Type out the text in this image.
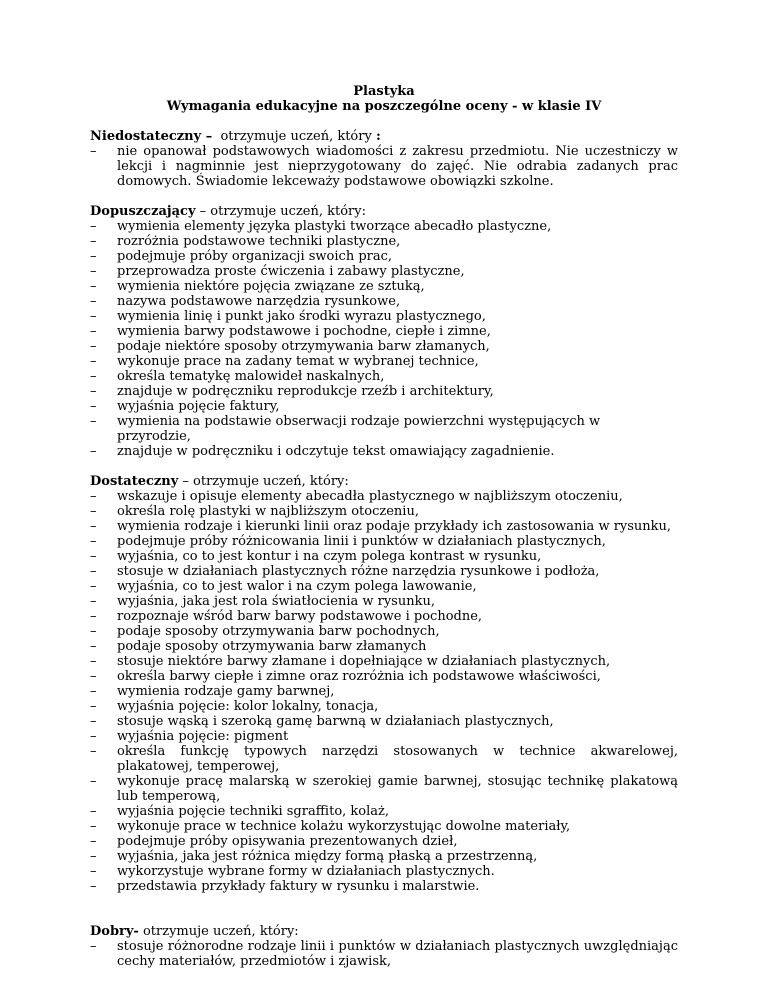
Plastyka

Wymagania edukacyjne na poszczególne oceny - w klasie IV

Niedostateczny –  otrzymuje uczeń, który :

– nie opanował podstawowych wiadomości z zakresu przedmiotu. Nie uczestniczy w lekcji i nagminnie jest nieprzygotowany do zajęć. Nie odrabia zadanych prac domowych. Świadomie lekceważy podstawowe obowiązki szkolne.

Dopuszczający – otrzymuje uczeń, który:

– wymienia elementy języka plastyki tworzące abecadło plastyczne,
– rozróżnia podstawowe techniki plastyczne,
– podejmuje próby organizacji swoich prac,
– przeprowadza proste ćwiczenia i zabawy plastyczne,
– wymienia niektóre pojęcia związane ze sztuką,
– nazywa podstawowe narzędzia rysunkowe,
– wymienia linię i punkt jako środki wyrazu plastycznego,
– wymienia barwy podstawowe i pochodne, ciepłe i zimne,
– podaje niektóre sposoby otrzymywania barw złamanych,
– wykonuje prace na zadany temat w wybranej technice,
– określa tematykę malowideł naskalnych,
– znajduje w podręczniku reprodukcje rzeźb i architektury,
– wyjaśnia pojęcie faktury,
– wymienia na podstawie obserwacji rodzaje powierzchni występujących w przyrodzie,
– znajduje w podręczniku i odczytuje tekst omawiający zagadnienie.

Dostateczny – otrzymuje uczeń, który:

– wskazuje i opisuje elementy abecadła plastycznego w najbliższym otoczeniu,
– określa rolę plastyki w najbliższym otoczeniu,
– wymienia rodzaje i kierunki linii oraz podaje przykłady ich zastosowania w rysunku,
– podejmuje próby różnicowania linii i punktów w działaniach plastycznych,
– wyjaśnia, co to jest kontur i na czym polega kontrast w rysunku,
– stosuje w działaniach plastycznych różne narzędzia rysunkowe i podłoża,
– wyjaśnia, co to jest walor i na czym polega lawowanie,
– wyjaśnia, jaka jest rola światłocienia w rysunku,
– rozpoznaje wśród barw barwy podstawowe i pochodne,
– podaje sposoby otrzymywania barw pochodnych,
– podaje sposoby otrzymywania barw złamanych
– stosuje niektóre barwy złamane i dopełniające w działaniach plastycznych,
– określa barwy ciepłe i zimne oraz rozróżnia ich podstawowe właściwości,
– wymienia rodzaje gamy barwnej,
– wyjaśnia pojęcie: kolor lokalny, tonacja,
– stosuje wąską i szeroką gamę barwną w działaniach plastycznych,
– wyjaśnia pojęcie: pigment
– określa funkcję typowych narzędzi stosowanych w technice akwarelowej, plakatowej, temperowej,
– wykonuje pracę malarską w szerokiej gamie barwnej, stosując technikę plakatową lub temperową,
– wyjaśnia pojęcie techniki sgraffito, kolaż,
– wykonuje prace w technice kolażu wykorzystując dowolne materiały,
– podejmuje próby opisywania prezentowanych dzieł,
– wyjaśnia, jaka jest różnica między formą płaską a przestrzenną,
– wykorzystuje wybrane formy w działaniach plastycznych.
– przedstawia przykłady faktury w rysunku i malarstwie.

Dobry- otrzymuje uczeń, który:

– stosuje różnorodne rodzaje linii i punktów w działaniach plastycznych uwzględniając cechy materiałów, przedmiotów i zjawisk,
